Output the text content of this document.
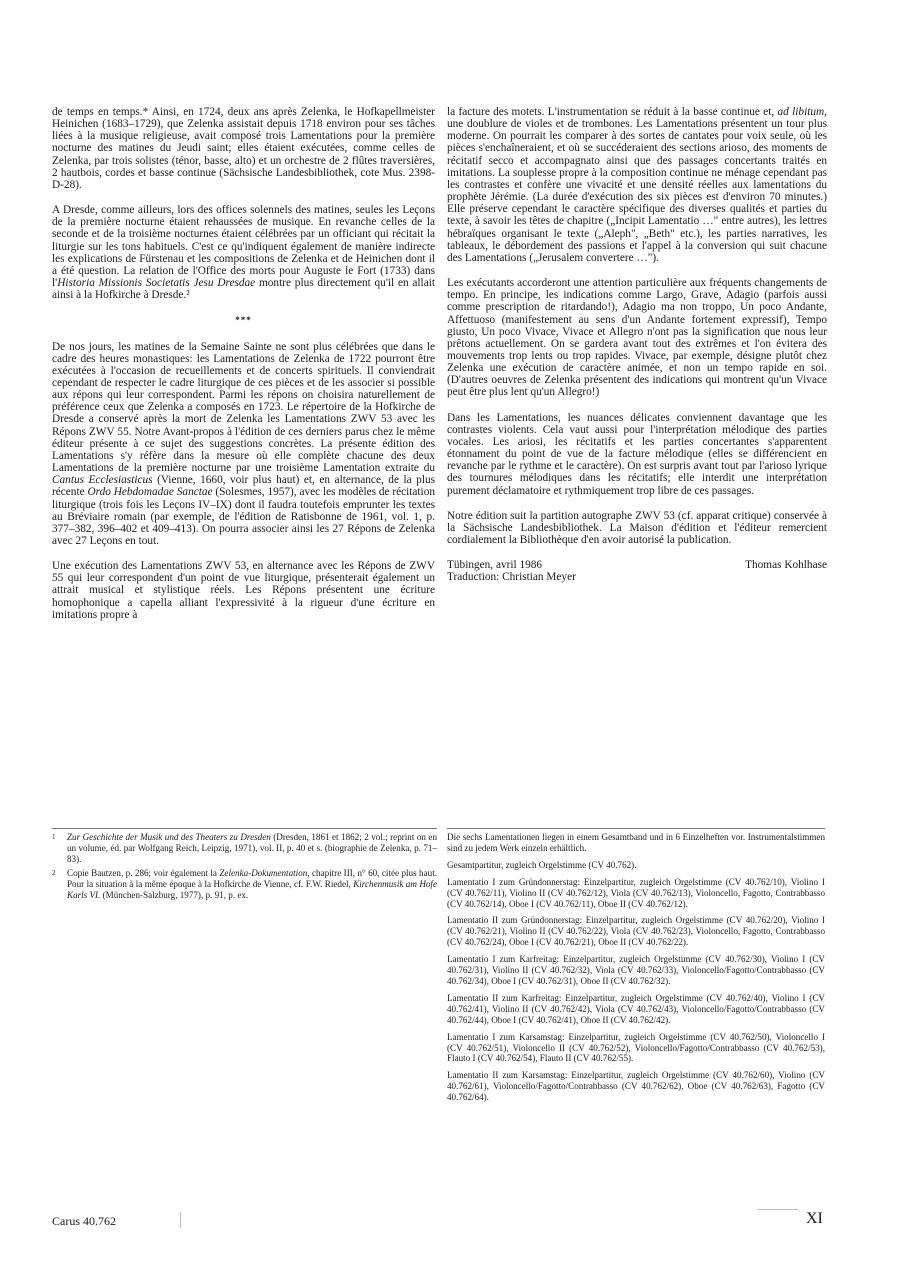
de temps en temps.* Ainsi, en 1724, deux ans après Zelenka, le Hofkapellmeister Heinichen (1683–1729), que Zelenka assistait depuis 1718 environ pour ses tâches liées à la musique religieuse, avait composé trois Lamentations pour la première nocturne des matines du Jeudi saint; elles étaient exécutées, comme celles de Zelenka, par trois solistes (ténor, basse, alto) et un orchestre de 2 flûtes traversières, 2 hautbois, cordes et basse continue (Sächsische Landesbibliothek, cote Mus. 2398-D-28).

A Dresde, comme ailleurs, lors des offices solennels des matines, seules les Leçons de la première nocturne étaient rehaussées de musique. En revanche celles de la seconde et de la troisième nocturnes étaient célébrées par un officiant qui récitait la liturgie sur les tons habituels. C'est ce qu'indiquent également de manière indirecte les explications de Fürstenau et les compositions de Zelenka et de Heinichen dont il a été question. La relation de l'Office des morts pour Auguste le Fort (1733) dans l'Historia Missionis Societatis Jesu Dresdae montre plus directement qu'il en allait ainsi à la Hofkirche à Dresde.²

***

De nos jours, les matines de la Semaine Sainte ne sont plus célébrées que dans le cadre des heures monastiques: les Lamentations de Zelenka de 1722 pourront être exécutées à l'occasion de recueillements et de concerts spirituels. Il conviendrait cependant de respecter le cadre liturgique de ces pièces et de les associer si possible aux répons qui leur correspondent. Parmi les répons on choisira naturellement de préférence ceux que Zelenka a composés en 1723. Le répertoire de la Hofkirche de Dresde a conservé après la mort de Zelenka les Lamentations ZWV 53 avec les Répons ZWV 55. Notre Avant-propos à l'édition de ces derniers parus chez le même éditeur présente à ce sujet des suggestions concrètes. La présente édition des Lamentations s'y réfère dans la mesure où elle complète chacune des deux Lamentations de la première nocturne par une troisième Lamentation extraite du Cantus Ecclesiasticus (Vienne, 1660, voir plus haut) et, en alternance, de la plus récente Ordo Hebdomadae Sanctae (Solesmes, 1957), avec les modèles de récitation liturgique (trois fois les Leçons IV–IX) dont il faudra toutefois emprunter les textes au Bréviaire romain (par exemple, de l'édition de Ratisbonne de 1961, vol. 1, p. 377–382, 396–402 et 409–413). On pourra associer ainsi les 27 Répons de Zelenka avec 27 Leçons en tout.

Une exécution des Lamentations ZWV 53, en alternance avec les Répons de ZWV 55 qui leur correspondent d'un point de vue liturgique, présenterait également un attrait musical et stylistique réels. Les Répons présentent une écriture homophonique a capella alliant l'expressivité à la rigueur d'une écriture en imitations propre à

la facture des motets. L'instrumentation se réduit à la basse continue et, ad libitum, une doublure de violes et de trombones. Les Lamentations présentent un tour plus moderne. On pourrait les comparer à des sortes de cantates pour voix seule, où les pièces s'enchaîneraient, et où se succéderaient des sections arioso, des moments de récitatif secco et accompagnato ainsi que des passages concertants traités en imitations. La souplesse propre à la composition continue ne ménage cependant pas les contrastes et confère une vivacité et une densité réelles aux lamentations du prophète Jérémie. (La durée d'exécution des six pièces est d'environ 70 minutes.) Elle préserve cependant le caractère spécifique des diverses qualités et parties du texte, à savoir les têtes de chapitre („Incipit Lamentatio …" entre autres), les lettres hébraïques organisant le texte („Aleph", „Beth" etc.), les parties narratives, les tableaux, le débordement des passions et l'appel à la conversion qui suit chacune des Lamentations („Jerusalem convertere …").

Les exécutants accorderont une attention particulière aux fréquents changements de tempo. En principe, les indications comme Largo, Grave, Adagio (parfois aussi comme prescription de ritardando!), Adagio ma non troppo, Un poco Andante, Affettuoso (manifestement au sens d'un Andante fortement expressif), Tempo giusto, Un poco Vivace, Vivace et Allegro n'ont pas la signification que nous leur prêtons actuellement. On se gardera avant tout des extrêmes et l'on évitera des mouvements trop lents ou trop rapides. Vivace, par exemple, désigne plutôt chez Zelenka une exécution de caractère animée, et non un tempo rapide en soi. (D'autres oeuvres de Zelenka présentent des indications qui montrent qu'un Vivace peut être plus lent qu'un Allegro!)

Dans les Lamentations, les nuances délicates conviennent davantage que les contrastes violents. Cela vaut aussi pour l'interprétation mélodique des parties vocales. Les ariosi, les récitatifs et les parties concertantes s'apparentent étonnament du point de vue de la facture mélodique (elles se différencient en revanche par le rythme et le caractère). On est surpris avant tout par l'arioso lyrique des tournures mélodiques dans les récitatifs; elle interdit une interprétation purement déclamatoire et rythmiquement trop libre de ces passages.

Notre édition suit la partition autographe ZWV 53 (cf. apparat critique) conservée à la Sächsische Landesbibliothek. La Maison d'édition et l'éditeur remercient cordialement la Bibliothèque d'en avoir autorisé la publication.

Tübingen, avril 1986	Thomas Kohlhase
Traduction: Christian Meyer
1	Zur Geschichte der Musik und des Theaters zu Dresden (Dresden, 1861 et 1862; 2 vol.; reprint on en un volume, éd. par Wolfgang Reich, Leipzig, 1971), vol. II, p. 40 et s. (biographie de Zelenka, p. 71–83).
2	Copie Bautzen, p. 286; voir également la Zelenka-Dokumentation, chapitre III, n° 60, citée plus haut. Pour la situation à la même époque à la Hofkirche de Vienne, cf. F.W. Riedel, Kirchenmusik am Hofe Karls VI. (München-Salzburg, 1977), p. 91, p. ex.

Die sechs Lamentationen liegen in einem Gesamtband und in 6 Einzelheften vor. Instrumentalstimmen sind zu jedem Werk einzeln erhältlich.

Gesamtpartitur, zugleich Orgelstimme (CV 40.762).

Lamentatio I zum Gründonnerstag: Einzelpartitur, zugleich Orgelstimme (CV 40.762/10), Violino I (CV 40.762/11), Violino II (CV 40.762/12), Viola (CV 40.762/13), Violoncello, Fagotto, Contrabbasso (CV 40.762/14), Oboe I (CV 40.762/11), Oboe II (CV 40.762/12).

Lamentatio II zum Gründonnerstag: Einzelpartitur, zugleich Orgelstimme (CV 40.762/20), Violino I (CV 40.762/21), Violino II (CV 40.762/22), Viola (CV 40.762/23), Violoncello, Fagotto, Contrabbasso (CV 40.762/24), Oboe I (CV 40.762/21), Oboe II (CV 40.762/22).

Lamentatio I zum Karfreitag: Einzelpartitur, zugleich Orgelstimme (CV 40.762/30), Violino I (CV 40.762/31), Violino II (CV 40.762/32), Viola (CV 40.762/33), Violoncello/Fagotto/Contrabbasso (CV 40.762/34), Oboe I (CV 40.762/31), Oboe II (CV 40.762/32).

Lamentatio II zum Karfreitag: Einzelpartitur, zugleich Orgelstimme (CV 40.762/40), Violino I (CV 40.762/41), Violino II (CV 40.762/42), Viola (CV 40.762/43), Violoncello/Fagotto/Contrabbasso (CV 40.762/44), Oboe I (CV 40.762/41), Oboe II (CV 40.762/42).

Lamentatio I zum Karsamstag: Einzelpartitur, zugleich Orgelstimme (CV 40.762/50), Violoncello I (CV 40.762/51), Violoncello II (CV 40.762/52), Violoncello/Fagotto/Contrabbasso (CV 40.762/53), Flauto I (CV 40.762/54), Flauto II (CV 40.762/55).

Lamentatio II zum Karsamstag: Einzelpartitur, zugleich Orgelstimme (CV 40.762/60), Violino (CV 40.762/61), Violoncello/Fagotto/Contrabbasso (CV 40.762/62), Oboe (CV 40.762/63), Fagotto (CV 40.762/64).

Carus 40.762	XI
